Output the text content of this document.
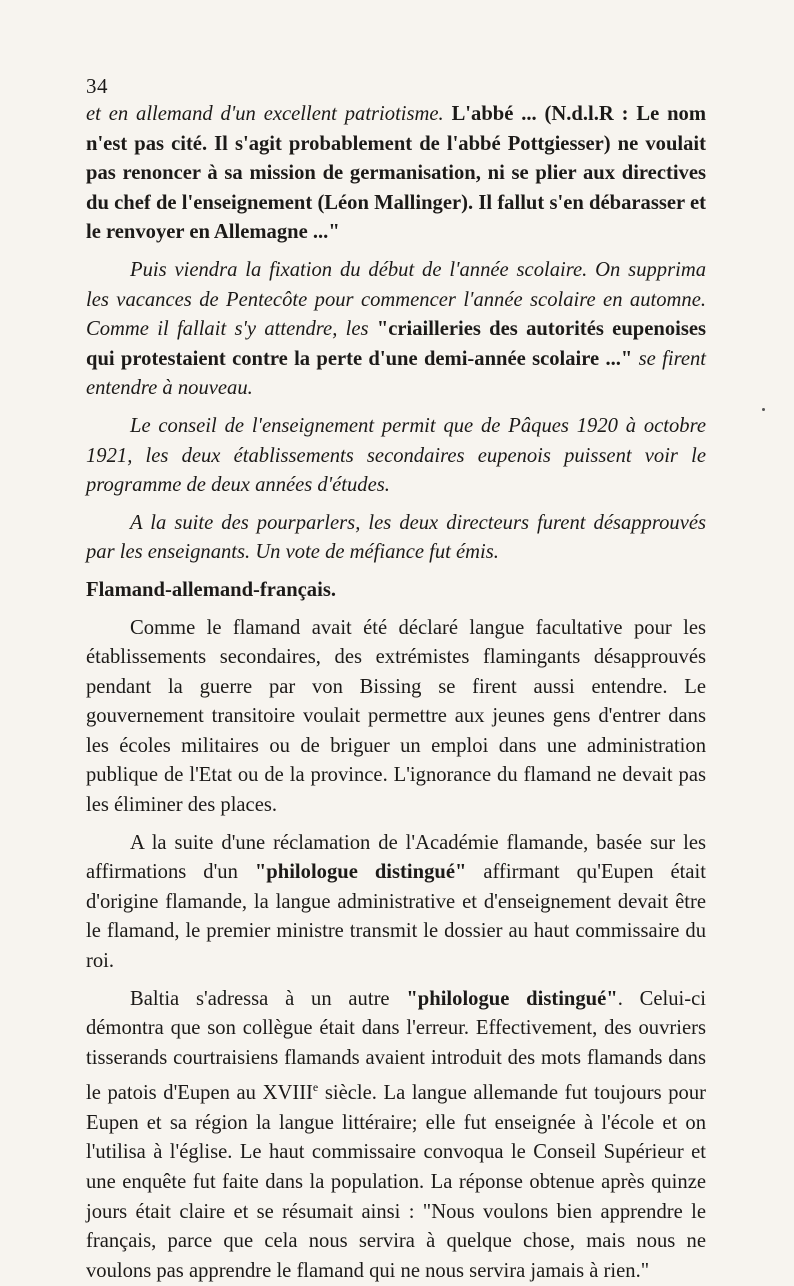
34

et en allemand d'un excellent patriotisme. L'abbé ... (N.d.l.R : Le nom n'est pas cité. Il s'agit probablement de l'abbé Pottgiesser) ne voulait pas renoncer à sa mission de germanisation, ni se plier aux directives du chef de l'enseignement (Léon Mallinger). Il fallut s'en débarasser et le renvoyer en Allemagne ..."

Puis viendra la fixation du début de l'année scolaire. On supprima les vacances de Pentecôte pour commencer l'année scolaire en automne. Comme il fallait s'y attendre, les "criailleries des autorités eupenoises qui protestaient contre la perte d'une demi-année scolaire ..." se firent entendre à nouveau.

Le conseil de l'enseignement permit que de Pâques 1920 à octobre 1921, les deux établissements secondaires eupenois puissent voir le programme de deux années d'études.

A la suite des pourparlers, les deux directeurs furent désapprouvés par les enseignants. Un vote de méfiance fut émis.

Flamand-allemand-français.

Comme le flamand avait été déclaré langue facultative pour les établissements secondaires, des extrémistes flamingants désapprouvés pendant la guerre par von Bissing se firent aussi entendre. Le gouvernement transitoire voulait permettre aux jeunes gens d'entrer dans les écoles militaires ou de briguer un emploi dans une administration publique de l'Etat ou de la province. L'ignorance du flamand ne devait pas les éliminer des places.

A la suite d'une réclamation de l'Académie flamande, basée sur les affirmations d'un "philologue distingué" affirmant qu'Eupen était d'origine flamande, la langue administrative et d'enseignement devait être le flamand, le premier ministre transmit le dossier au haut commissaire du roi.

Baltia s'adressa à un autre "philologue distingué". Celui-ci démontra que son collègue était dans l'erreur. Effectivement, des ouvriers tisserands courtraisiens flamands avaient introduit des mots flamands dans le patois d'Eupen au XVIIIe siècle. La langue allemande fut toujours pour Eupen et sa région la langue littéraire; elle fut enseignée à l'école et on l'utilisa à l'église. Le haut commissaire convoqua le Conseil Supérieur et une enquête fut faite dans la population. La réponse obtenue après quinze jours était claire et se résumait ainsi : "Nous voulons bien apprendre le français, parce que cela nous servira à quelque chose, mais nous ne voulons pas apprendre le flamand qui ne nous servira jamais à rien."
